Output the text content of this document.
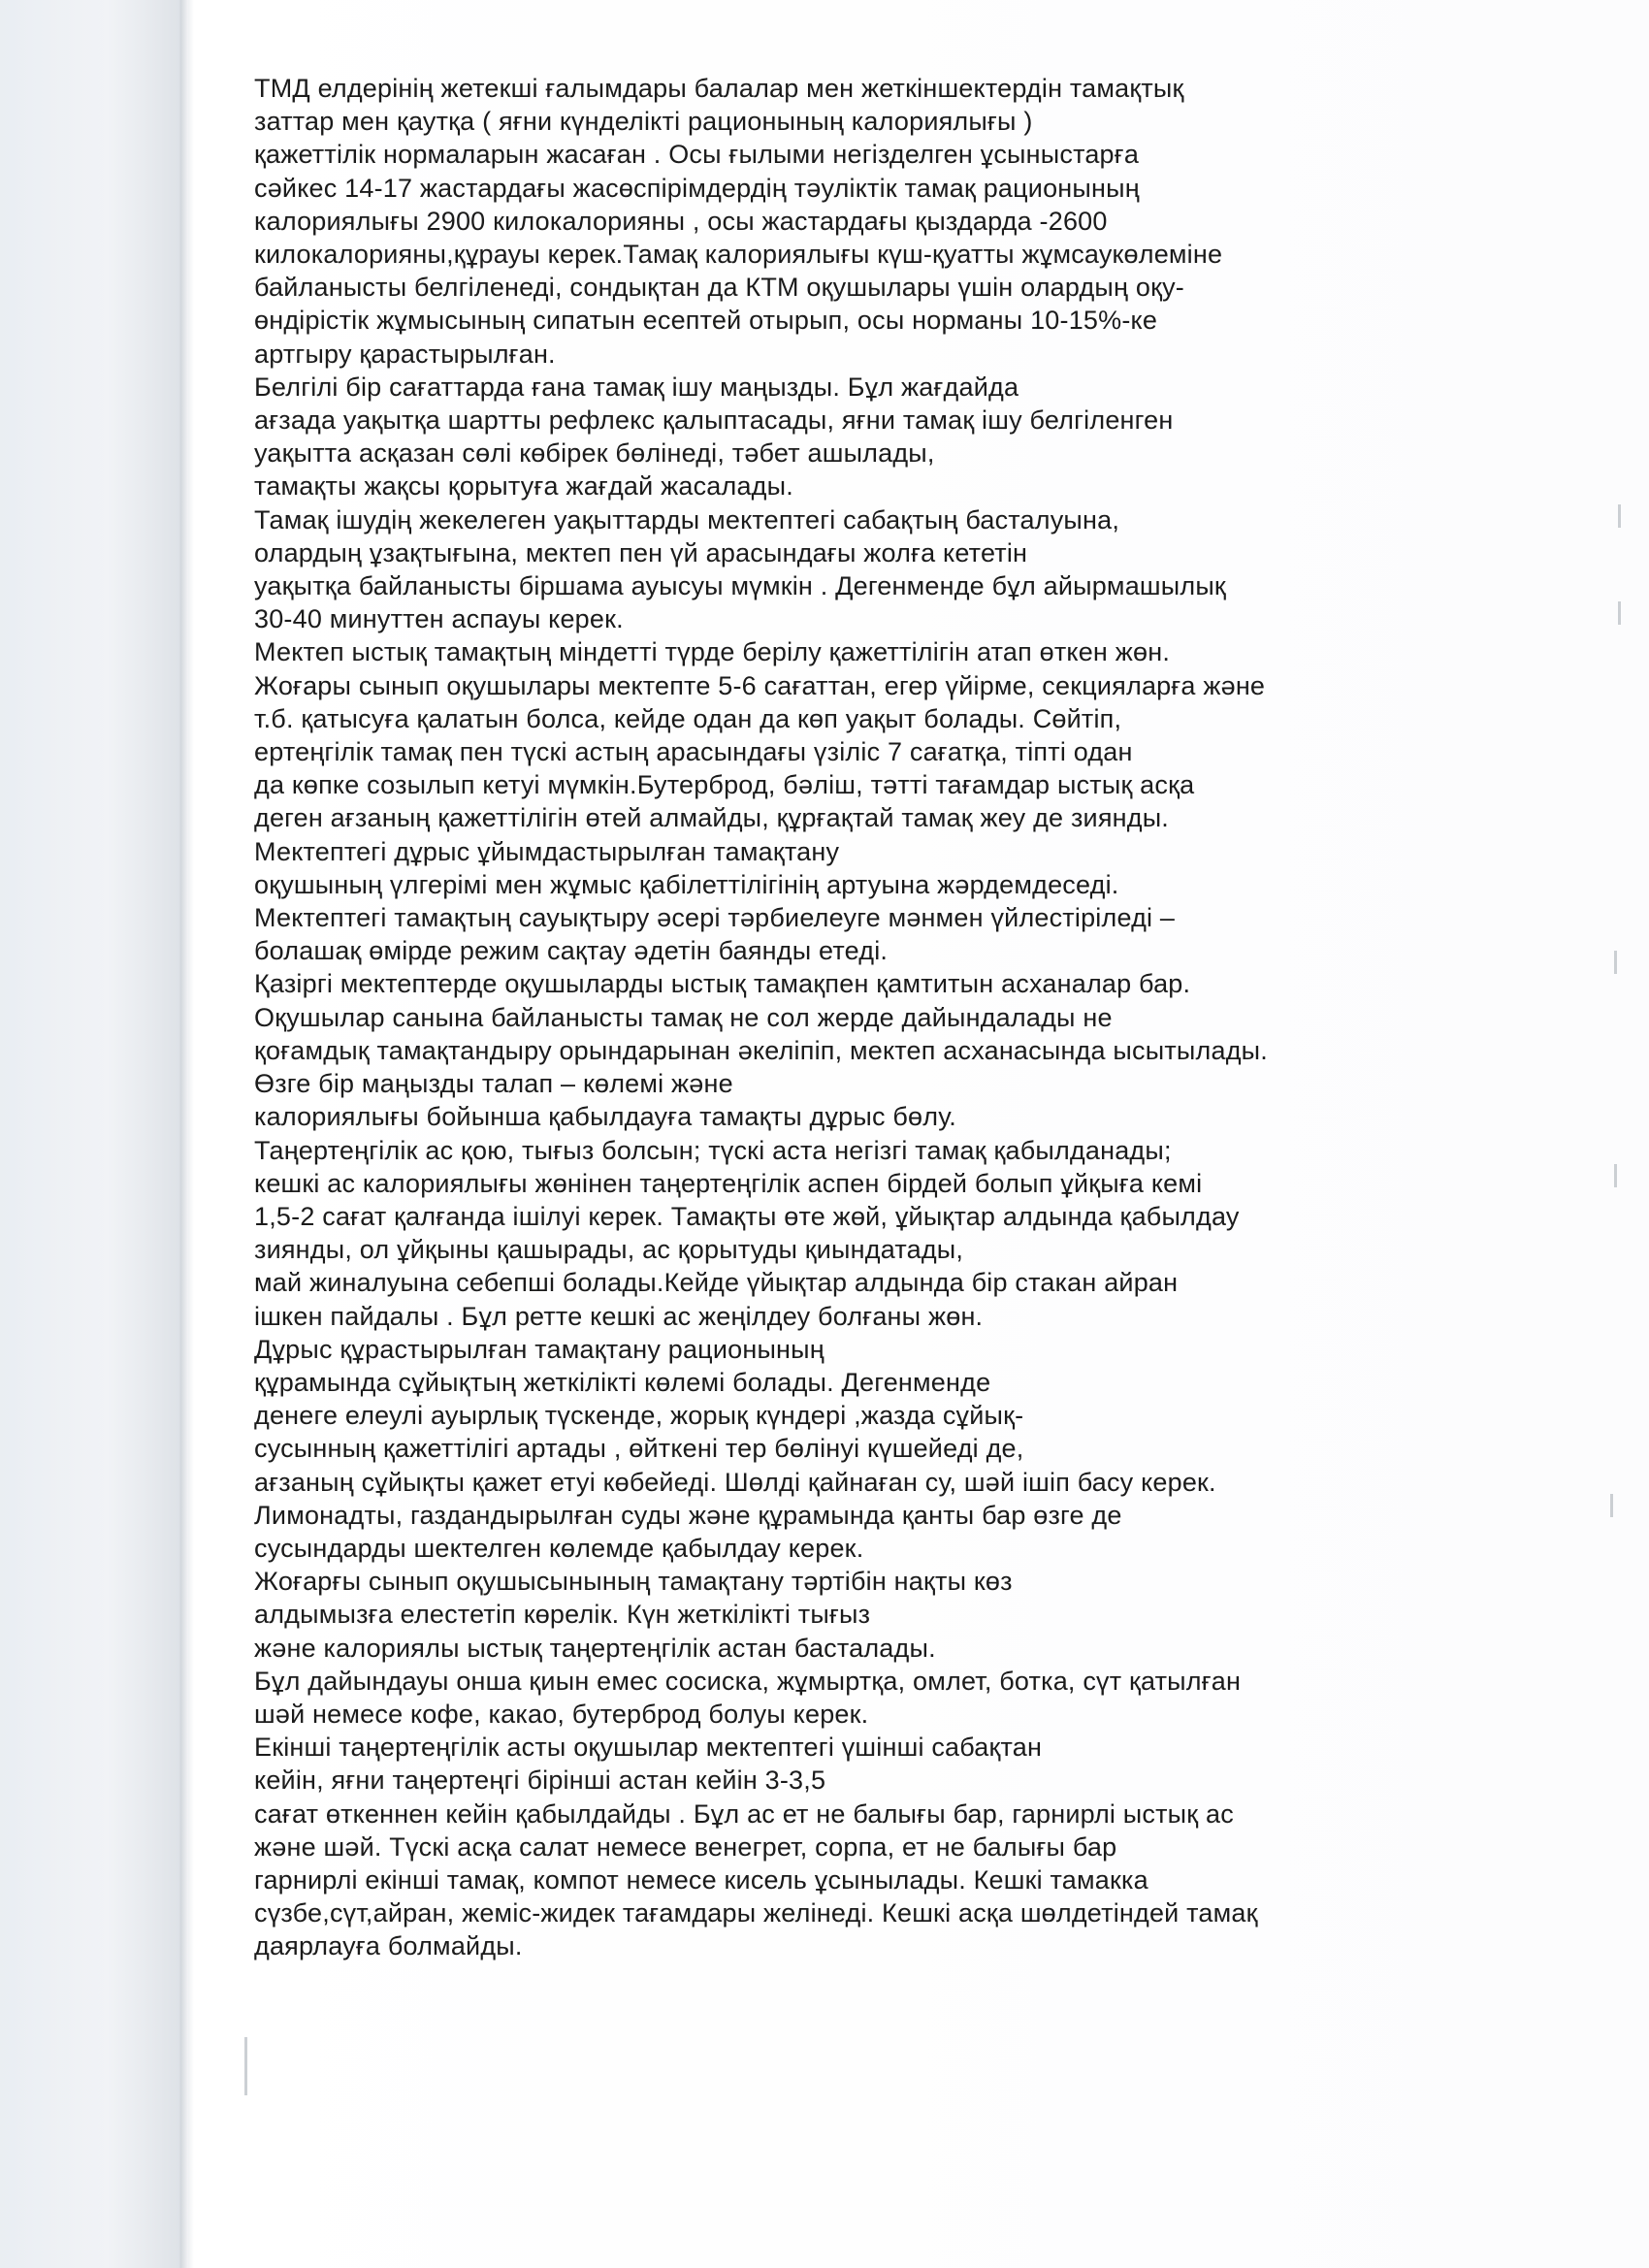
ТМД елдерінің жетекші ғалымдары балалар мен жеткіншектердін тамақтық
заттар мен қаутқа ( яғни күнделікті рационының калориялығы )
қажеттілік нормаларын жасаған . Осы ғылыми негізделген ұсыныстарға
сәйкес 14-17 жастардағы жасөспірімдердің тәуліктік тамақ рационының
калориялығы 2900 килокалорияны , осы жастардағы қыздарда -2600
килокалорияны,құрауы керек.Тамақ калориялығы күш-қуатты жұмсаукөлеміне
байланысты белгіленеді, сондықтан да КТМ оқушылары үшін олардың оқу-
өндірістік жұмысының сипатын есептей отырып, осы норманы 10-15%-ке
артгыру қарастырылған.
Белгілі бір сағаттарда ғана тамақ ішу маңызды. Бұл жағдайда
ағзада уақытқа шартты рефлекс қалыптасады, яғни тамақ ішу белгіленген
уақытта асқазан сөлі көбірек бөлінеді, тәбет ашылады,
тамақты жақсы қорытуға жағдай жасалады.
Тамақ ішудің жекелеген уақыттарды мектептегі сабақтың басталуына,
олардың ұзақтығына, мектеп пен үй арасындағы жолға кететін
уақытқа байланысты біршама ауысуы мүмкін . Дегенменде бұл айырмашылық
30-40 минуттен аспауы керек.
Мектеп ыстық тамақтың міндетті түрде берілу қажеттілігін атап өткен жөн.
Жоғары сынып оқушылары мектепте 5-6 сағаттан, егер үйірме, секцияларға және
т.б. қатысуға қалатын болса, кейде одан да көп уақыт болады. Сөйтіп,
ертеңгілік тамақ пен түскі астың арасындағы үзіліс 7 сағатқа, тіпті одан
да көпке созылып кетуі мүмкін.Бутерброд, бәліш, тәтті тағамдар ыстық асқа
деген ағзаның қажеттілігін өтей алмайды, құрғақтай тамақ жеу де зиянды.
Мектептегі дұрыс ұйымдастырылған тамақтану
оқушының үлгерімі мен жұмыс қабілеттілігінің артуына жәрдемдеседі.
Мектептегі тамақтың сауықтыру әсері тәрбиелеуге мәнмен үйлестіріледі –
болашақ өмірде режим сақтау әдетін баянды етеді.
Қазіргі мектептерде оқушыларды ыстық тамақпен қамтитын асханалар бар.
Оқушылар санына байланысты тамақ не сол жерде дайындалады не
қоғамдық тамақтандыру орындарынан әкеліпіп, мектеп асханасында ысытылады.
Өзге бір маңызды талап – көлемі және
калориялығы бойынша қабылдауға тамақты дұрыс бөлу.
Таңертеңгілік ас қою, тығыз болсын; түскі аста негізгі тамақ қабылданады;
кешкі ас калориялығы жөнінен таңертеңгілік аспен бірдей болып ұйқыға кемі
1,5-2 сағат қалғанда ішілуі керек. Тамақты өте жөй, ұйықтар алдында қабылдау
зиянды, ол ұйқыны қашырады, ас қорытуды қиындатады,
май жиналуына себепші болады.Кейде үйықтар алдында бір стакан айран
ішкен пайдалы . Бұл ретте кешкі ас жеңілдеу болғаны жөн.
Дұрыс құрастырылған тамақтану рационының
құрамында сұйықтың жеткілікті көлемі болады. Дегенменде
денеге елеулі ауырлық түскенде, жорық күндері ,жазда сұйық-
сусынның қажеттілігі артады , өйткені тер бөлінуі күшейеді де,
ағзаның сұйықты қажет етуі көбейеді. Шөлді қайнаған су, шәй ішіп басу керек.
Лимонадты, газдандырылған суды және құрамында қанты бар өзге де
сусындарды шектелген көлемде қабылдау керек.
Жоғарғы сынып оқушысынының тамақтану тәртібін нақты көз
алдымызға елестетіп көрелік. Күн жеткілікті тығыз
және калориялы ыстық таңертеңгілік астан басталады.
Бұл дайындауы онша қиын емес сосиска, жұмыртқа, омлет, ботка, сүт қатылған
шәй немесе кофе, какао, бутерброд болуы керек.
Екінші таңертеңгілік асты оқушылар мектептегі үшінші сабақтан
кейін, яғни таңертеңгі бірінші астан кейін 3-3,5
сағат өткеннен кейін қабылдайды . Бұл ас ет не балығы бар, гарнирлі ыстық ас
және шәй. Түскі асқа салат немесе венегрет, сорпа, ет не балығы бар
гарнирлі екінші тамақ, компот немесе кисель ұсынылады. Кешкі тамакка
сүзбе,сүт,айран, жеміс-жидек тағамдары желінеді. Кешкі асқа шөлдетіндей тамақ
даярлауға болмайды.
